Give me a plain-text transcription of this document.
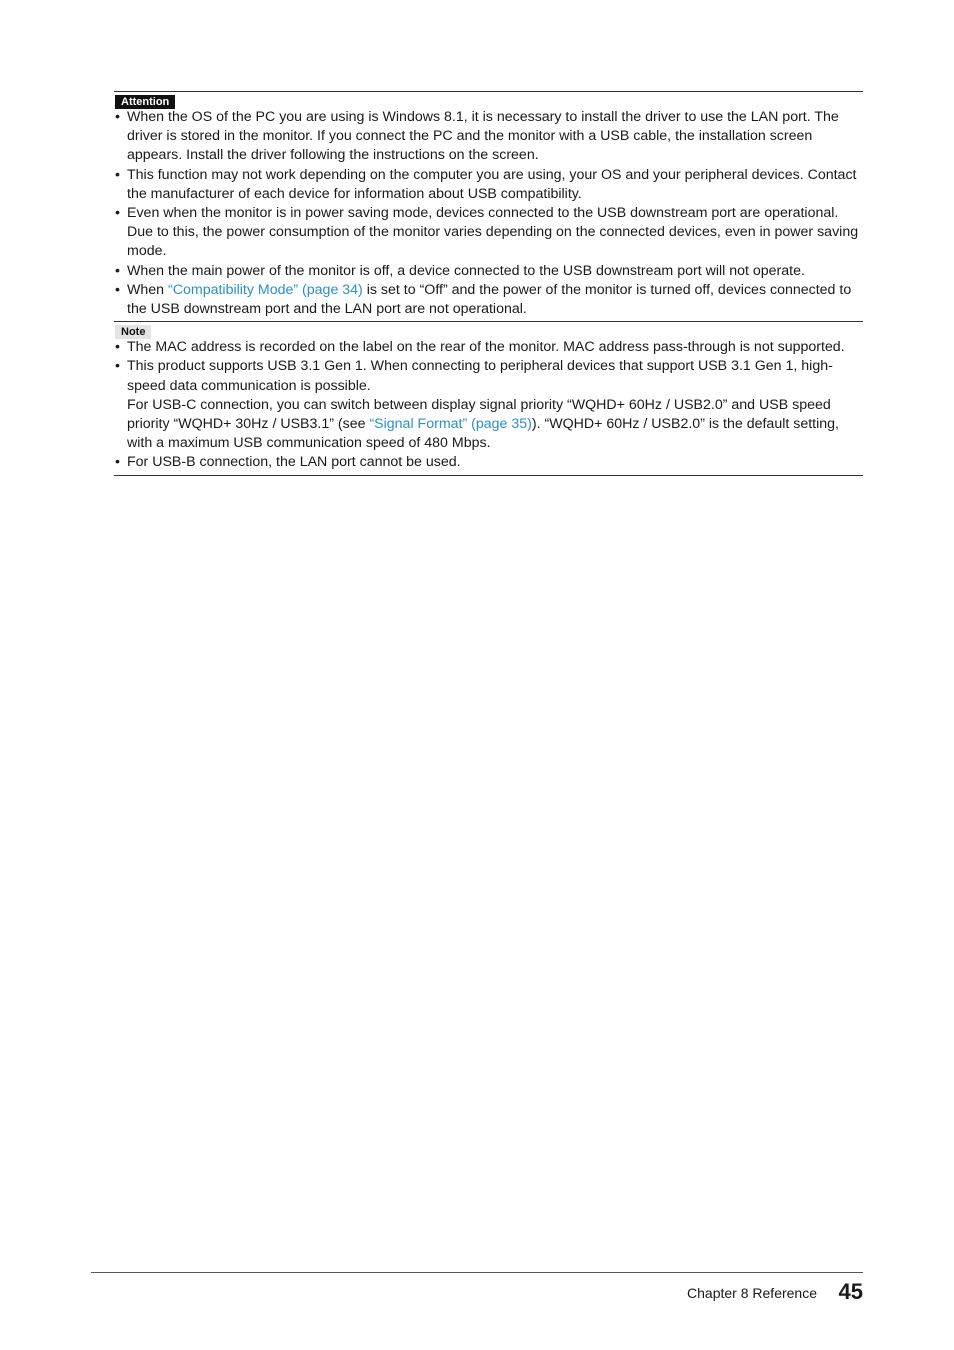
Attention
• When the OS of the PC you are using is Windows 8.1, it is necessary to install the driver to use the LAN port. The driver is stored in the monitor. If you connect the PC and the monitor with a USB cable, the installation screen appears. Install the driver following the instructions on the screen.
• This function may not work depending on the computer you are using, your OS and your peripheral devices. Contact the manufacturer of each device for information about USB compatibility.
• Even when the monitor is in power saving mode, devices connected to the USB downstream port are operational. Due to this, the power consumption of the monitor varies depending on the connected devices, even in power saving mode.
• When the main power of the monitor is off, a device connected to the USB downstream port will not operate.
• When “Compatibility Mode” (page 34) is set to “Off” and the power of the monitor is turned off, devices connected to the USB downstream port and the LAN port are not operational.
Note
• The MAC address is recorded on the label on the rear of the monitor. MAC address pass-through is not supported.
• This product supports USB 3.1 Gen 1. When connecting to peripheral devices that support USB 3.1 Gen 1, high-speed data communication is possible.
For USB-C connection, you can switch between display signal priority “WQHD+ 60Hz / USB2.0” and USB speed priority “WQHD+ 30Hz / USB3.1” (see “Signal Format” (page 35)). “WQHD+ 60Hz / USB2.0” is the default setting, with a maximum USB communication speed of 480 Mbps.
• For USB-B connection, the LAN port cannot be used.
Chapter 8 Reference 45
